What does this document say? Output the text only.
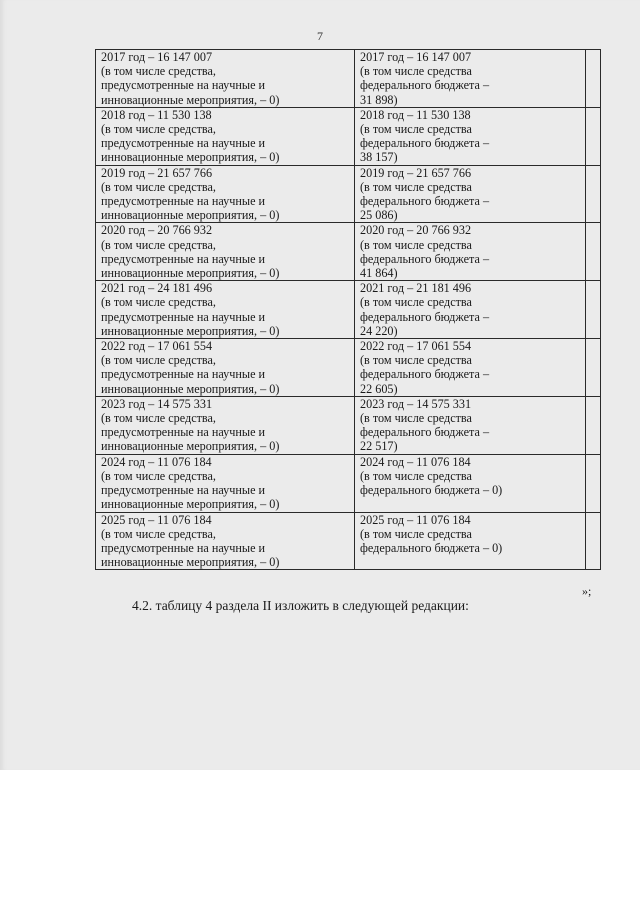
7
2017 год – 16 147 007
(в том числе средства,
предусмотренные на научные и
инновационные мероприятия, – 0)	2017 год – 16 147 007
(в том числе средства
федерального бюджета –
31 898)	

2018 год – 11 530 138
(в том числе средства,
предусмотренные на научные и
инновационные мероприятия, – 0)	2018 год – 11 530 138
(в том числе средства
федерального бюджета –
38 157)	

2019 год – 21 657 766
(в том числе средства,
предусмотренные на научные и
инновационные мероприятия, – 0)	2019 год – 21 657 766
(в том числе средства
федерального бюджета –
25 086)	

2020 год – 20 766 932
(в том числе средства,
предусмотренные на научные и
инновационные мероприятия, – 0)	2020 год – 20 766 932
(в том числе средства
федерального бюджета –
41 864)	

2021 год – 24 181 496
(в том числе средства,
предусмотренные на научные и
инновационные мероприятия, – 0)	2021 год – 21 181 496
(в том числе средства
федерального бюджета –
24 220)	

2022 год – 17 061 554
(в том числе средства,
предусмотренные на научные и
инновационные мероприятия, – 0)	2022 год – 17 061 554
(в том числе средства
федерального бюджета –
22 605)	

2023 год – 14 575 331
(в том числе средства,
предусмотренные на научные и
инновационные мероприятия, – 0)	2023 год – 14 575 331
(в том числе средства
федерального бюджета –
22 517)	

2024 год – 11 076 184
(в том числе средства,
предусмотренные на научные и
инновационные мероприятия, – 0)	2024 год – 11 076 184
(в том числе средства
федерального бюджета – 0)	

2025 год – 11 076 184
(в том числе средства,
предусмотренные на научные и
инновационные мероприятия, – 0)	2025 год – 11 076 184
(в том числе средства
федерального бюджета – 0)	

»;
4.2. таблицу 4 раздела II изложить в следующей редакции:
